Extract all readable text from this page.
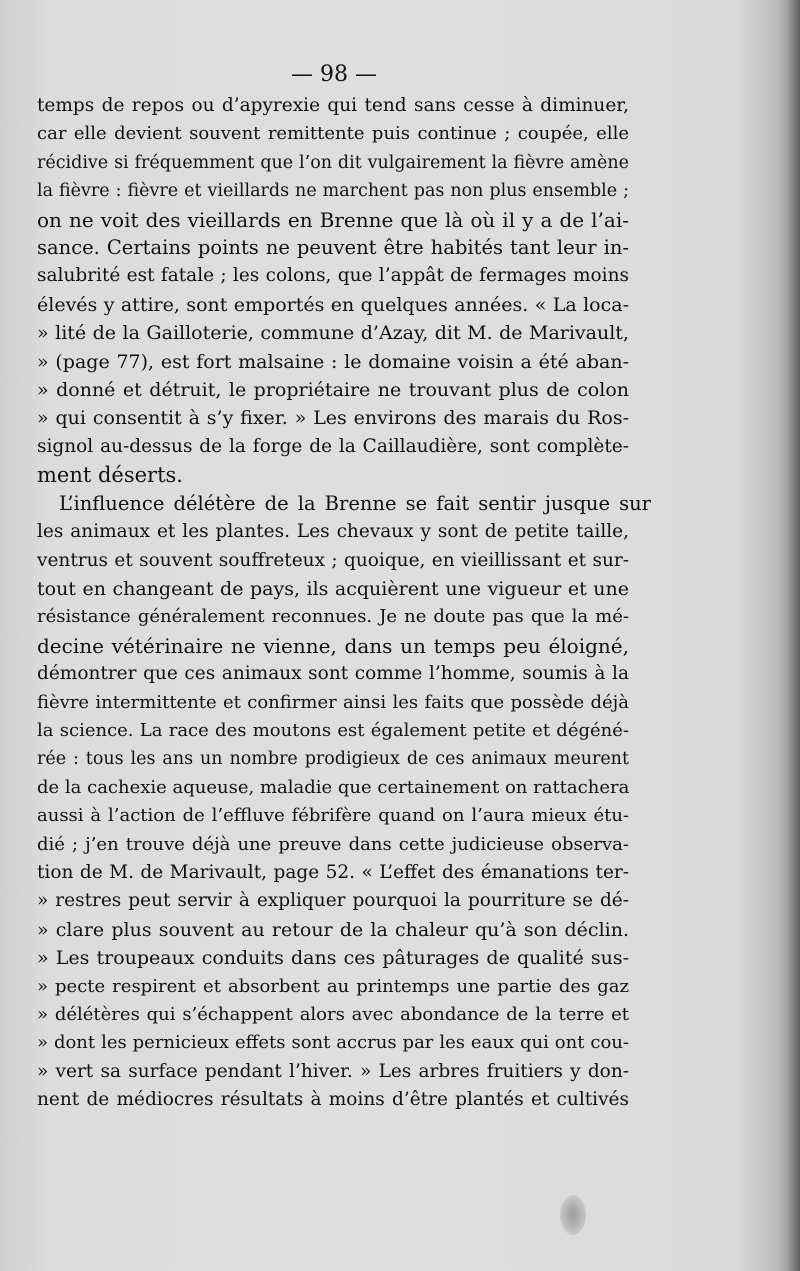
— 98 —
temps de repos ou d’apyrexie qui tend sans cesse à diminuer,
car elle devient souvent remittente puis continue ; coupée, elle
récidive si fréquemment que l’on dit vulgairement la fièvre amène
la fièvre : fièvre et vieillards ne marchent pas non plus ensemble ;
on ne voit des vieillards en Brenne que là où il y a de l’ai-
sance. Certains points ne peuvent être habités tant leur in-
salubrité est fatale ; les colons, que l’appât de fermages moins
élevés y attire, sont emportés en quelques années. « La loca-
» lité de la Gailloterie, commune d’Azay, dit M. de Marivault,
» (page 77), est fort malsaine : le domaine voisin a été aban-
» donné et détruit, le propriétaire ne trouvant plus de colon
» qui consentit à s’y fixer. » Les environs des marais du Ros-
signol au-dessus de la forge de la Caillaudière, sont complète-
ment déserts.
L’influence délétère de la Brenne se fait sentir jusque sur
les animaux et les plantes. Les chevaux y sont de petite taille,
ventrus et souvent souffreteux ; quoique, en vieillissant et sur-
tout en changeant de pays, ils acquièrent une vigueur et une
résistance généralement reconnues. Je ne doute pas que la mé-
decine vétérinaire ne vienne, dans un temps peu éloigné,
démontrer que ces animaux sont comme l’homme, soumis à la
fièvre intermittente et confirmer ainsi les faits que possède déjà
la science. La race des moutons est également petite et dégéné-
rée : tous les ans un nombre prodigieux de ces animaux meurent
de la cachexie aqueuse, maladie que certainement on rattachera
aussi à l’action de l’effluve fébrifère quand on l’aura mieux étu-
dié ; j’en trouve déjà une preuve dans cette judicieuse observa-
tion de M. de Marivault, page 52. « L’effet des émanations ter-
» restres peut servir à expliquer pourquoi la pourriture se dé-
» clare plus souvent au retour de la chaleur qu’à son déclin.
» Les troupeaux conduits dans ces pâturages de qualité sus-
» pecte respirent et absorbent au printemps une partie des gaz
» délétères qui s’échappent alors avec abondance de la terre et
» dont les pernicieux effets sont accrus par les eaux qui ont cou-
» vert sa surface pendant l’hiver. » Les arbres fruitiers y don-
nent de médiocres résultats à moins d’être plantés et cultivés
